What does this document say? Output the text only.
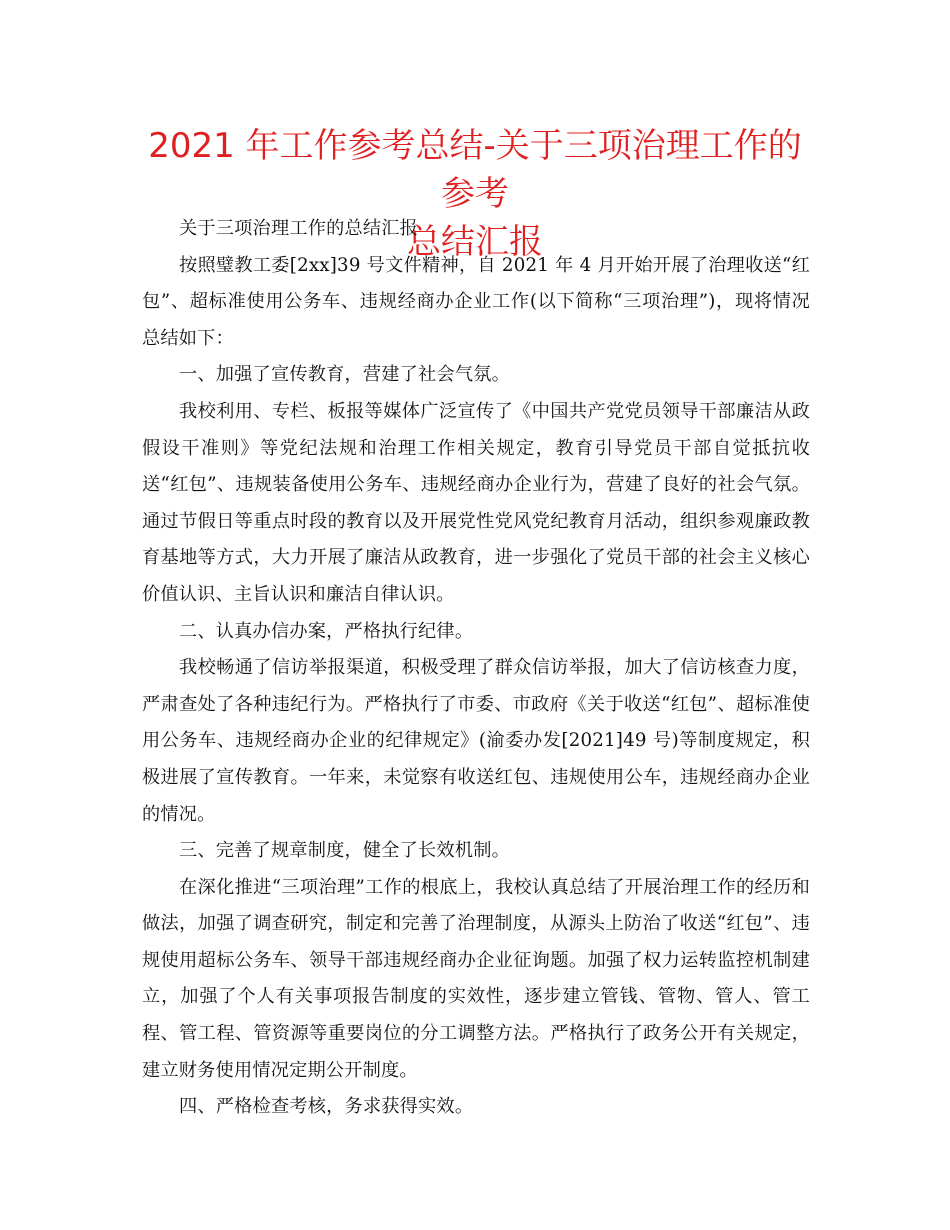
2021 年工作参考总结-关于三项治理工作的参考
总结汇报

关于三项治理工作的总结汇报

按照璧教工委[2xx]39 号文件精神，自 2021 年 4 月开始开展了治理收送“红包”、超标准使用公务车、违规经商办企业工作(以下简称“三项治理”)，现将情况总结如下：

一、加强了宣传教育，营建了社会气氛。

我校利用、专栏、板报等媒体广泛宣传了《中国共产党党员领导干部廉洁从政假设干准则》等党纪法规和治理工作相关规定，教育引导党员干部自觉抵抗收送“红包”、违规装备使用公务车、违规经商办企业行为，营建了良好的社会气氛。通过节假日等重点时段的教育以及开展党性党风党纪教育月活动，组织参观廉政教育基地等方式，大力开展了廉洁从政教育，进一步强化了党员干部的社会主义核心价值认识、主旨认识和廉洁自律认识。

二、认真办信办案，严格执行纪律。

我校畅通了信访举报渠道，积极受理了群众信访举报，加大了信访核查力度，严肃查处了各种违纪行为。严格执行了市委、市政府《关于收送“红包”、超标准使用公务车、违规经商办企业的纪律规定》(渝委办发[2021]49 号)等制度规定，积极进展了宣传教育。一年来，未觉察有收送红包、违规使用公车，违规经商办企业的情况。

三、完善了规章制度，健全了长效机制。

在深化推进“三项治理”工作的根底上，我校认真总结了开展治理工作的经历和做法，加强了调查研究，制定和完善了治理制度，从源头上防治了收送“红包”、违规使用超标公务车、领导干部违规经商办企业征询题。加强了权力运转监控机制建立，加强了个人有关事项报告制度的实效性，逐步建立管钱、管物、管人、管工程、管工程、管资源等重要岗位的分工调整方法。严格执行了政务公开有关规定，建立财务使用情况定期公开制度。

四、严格检查考核，务求获得实效。
